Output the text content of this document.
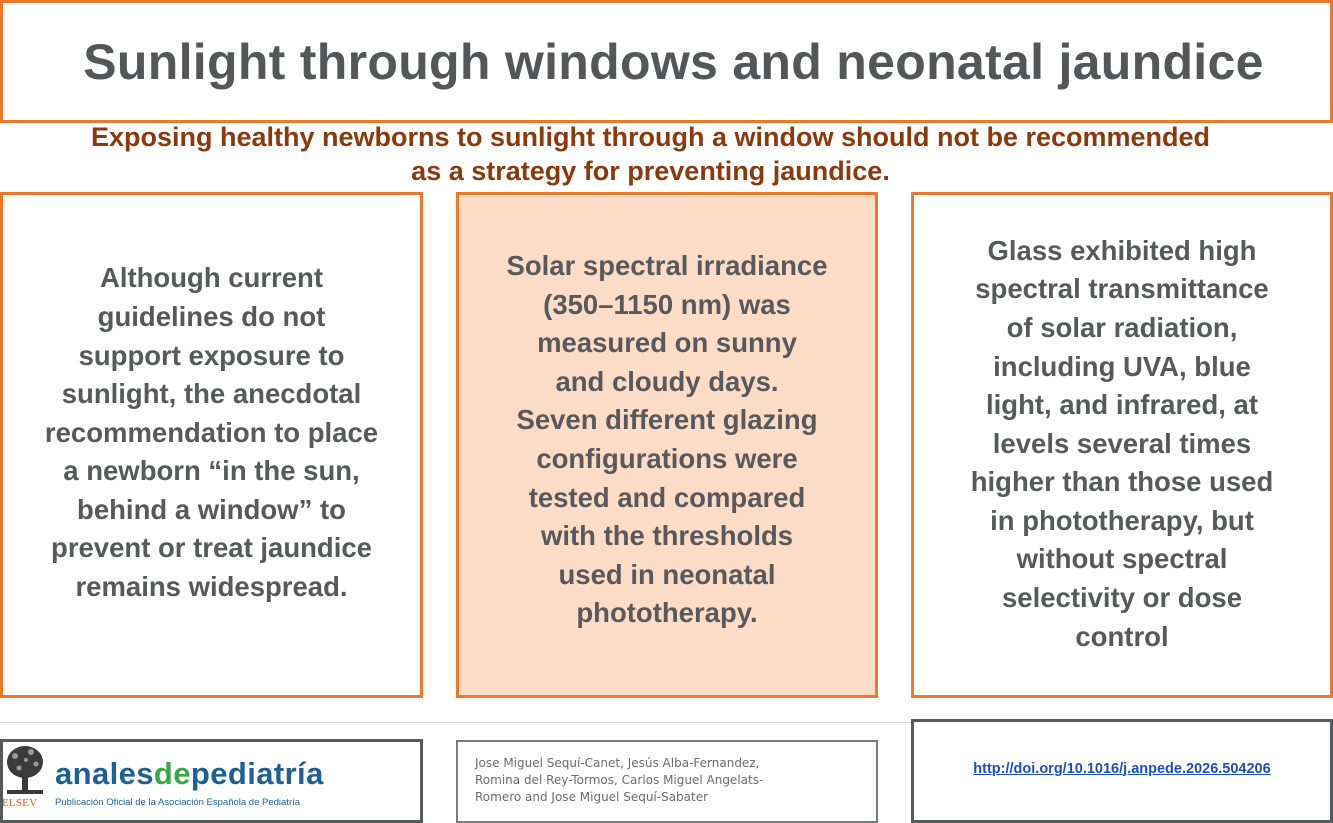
Sunlight through windows and neonatal jaundice
Exposing healthy newborns to sunlight through a window should not be recommended
as a strategy for preventing jaundice.
Although current
guidelines do not
support exposure to
sunlight, the anecdotal
recommendation to place
a newborn “in the sun,
behind a window” to
prevent or treat jaundice
remains widespread.
Solar spectral irradiance
(350–1150 nm) was
measured on sunny
and cloudy days.
Seven different glazing
configurations were
tested and compared
with the thresholds
used in neonatal
phototherapy.
Glass exhibited high
spectral transmittance
of solar radiation,
including UVA, blue
light, and infrared, at
levels several times
higher than those used
in phototherapy, but
without spectral
selectivity or dose
control
ELSEV
analesdepediatría
Publicación Oficial de la Asociación Española de Pediatría
Jose Miguel Sequí-Canet, Jesús Alba-Fernandez,
Romina del Rey-Tormos, Carlos Miguel Angelats-
Romero and Jose Miguel Sequí-Sabater
http://doi.org/10.1016/j.anpede.2026.504206
